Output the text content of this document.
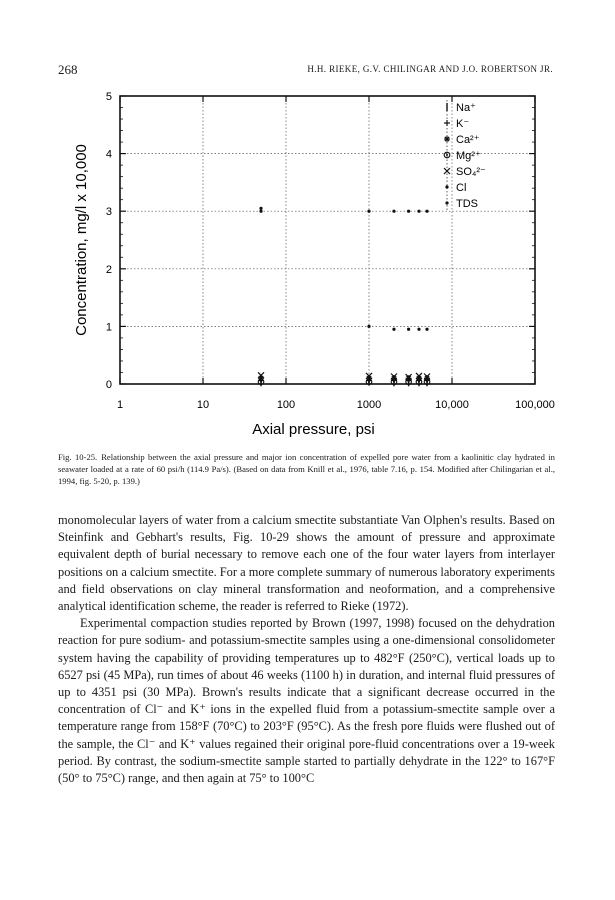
268	H.H. RIEKE, G.V. CHILINGAR AND J.O. ROBERTSON JR.
0
1
2
3
4
5
1	10	100	1000	10,000	100,000
Axial pressure, psi
Concentration, mg/l x 10,000
Na⁺
K⁻
Ca²⁺
Mg²⁺
SO₄²⁻
Cl
TDS
Fig. 10-25. Relationship between the axial pressure and major ion concentration of expelled pore water from a kaolinitic clay hydrated in seawater loaded at a rate of 60 psi/h (114.9 Pa/s). (Based on data from Knill et al., 1976, table 7.16, p. 154. Modified after Chilingarian et al., 1994, fig. 5-20, p. 139.)

monomolecular layers of water from a calcium smectite substantiate Van Olphen's results. Based on Steinfink and Gebhart's results, Fig. 10-29 shows the amount of pressure and approximate equivalent depth of burial necessary to remove each one of the four water layers from interlayer positions on a calcium smectite. For a more complete summary of numerous laboratory experiments and field observations on clay mineral transformation and neoformation, and a comprehensive analytical identification scheme, the reader is referred to Rieke (1972).

Experimental compaction studies reported by Brown (1997, 1998) focused on the dehydration reaction for pure sodium- and potassium-smectite samples using a one-dimensional consolidometer system having the capability of providing temperatures up to 482°F (250°C), vertical loads up to 6527 psi (45 MPa), run times of about 46 weeks (1100 h) in duration, and internal fluid pressures of up to 4351 psi (30 MPa). Brown's results indicate that a significant decrease occurred in the concentration of Cl⁻ and K⁺ ions in the expelled fluid from a potassium-smectite sample over a temperature range from 158°F (70°C) to 203°F (95°C). As the fresh pore fluids were flushed out of the sample, the Cl⁻ and K⁺ values regained their original pore-fluid concentrations over a 19-week period. By contrast, the sodium-smectite sample started to partially dehydrate in the 122° to 167°F (50° to 75°C) range, and then again at 75° to 100°C
